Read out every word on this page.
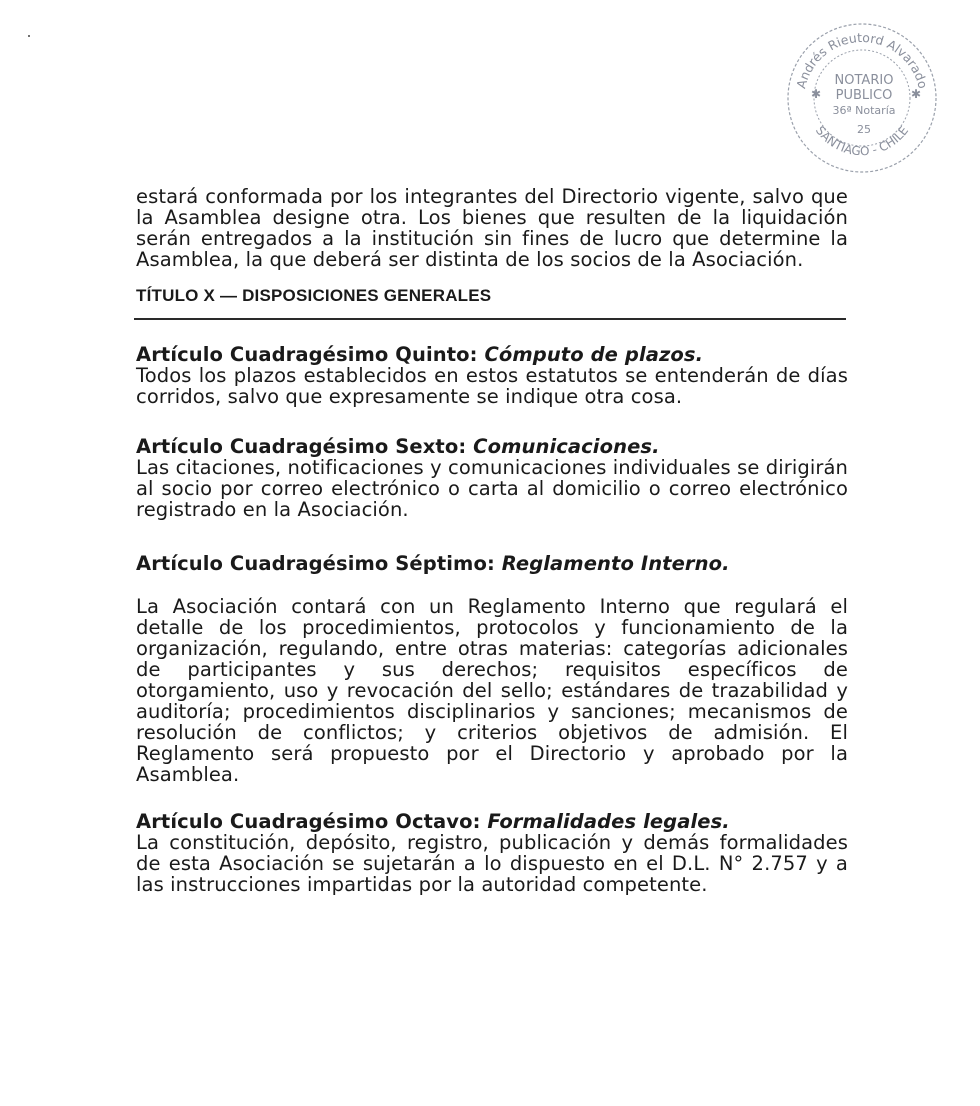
Andrés Rieutord Alvarado
SANTIAGO - CHILE
NOTARIO
PUBLICO
36ª Notaría
25
✱	✱

estará conformada por los integrantes del Directorio vigente, salvo que la Asamblea designe otra. Los bienes que resulten de la liquidación serán entregados a la institución sin fines de lucro que determine la Asamblea, la que deberá ser distinta de los socios de la Asociación.

TÍTULO X — DISPOSICIONES GENERALES

Artículo Cuadragésimo Quinto: Cómputo de plazos.

Todos los plazos establecidos en estos estatutos se entenderán de días corridos, salvo que expresamente se indique otra cosa.

Artículo Cuadragésimo Sexto: Comunicaciones.

Las citaciones, notificaciones y comunicaciones individuales se dirigirán al socio por correo electrónico o carta al domicilio o correo electrónico registrado en la Asociación.

Artículo Cuadragésimo Séptimo: Reglamento Interno.

La Asociación contará con un Reglamento Interno que regulará el detalle de los procedimientos, protocolos y funcionamiento de la organización, regulando, entre otras materias: categorías adicionales de participantes y sus derechos; requisitos específicos de otorgamiento, uso y revocación del sello; estándares de trazabilidad y auditoría; procedimientos disciplinarios y sanciones; mecanismos de resolución de conflictos; y criterios objetivos de admisión. El Reglamento será propuesto por el Directorio y aprobado por la Asamblea.

Artículo Cuadragésimo Octavo: Formalidades legales.

La constitución, depósito, registro, publicación y demás formalidades de esta Asociación se sujetarán a lo dispuesto en el D.L. N° 2.757 y a las instrucciones impartidas por la autoridad competente.
